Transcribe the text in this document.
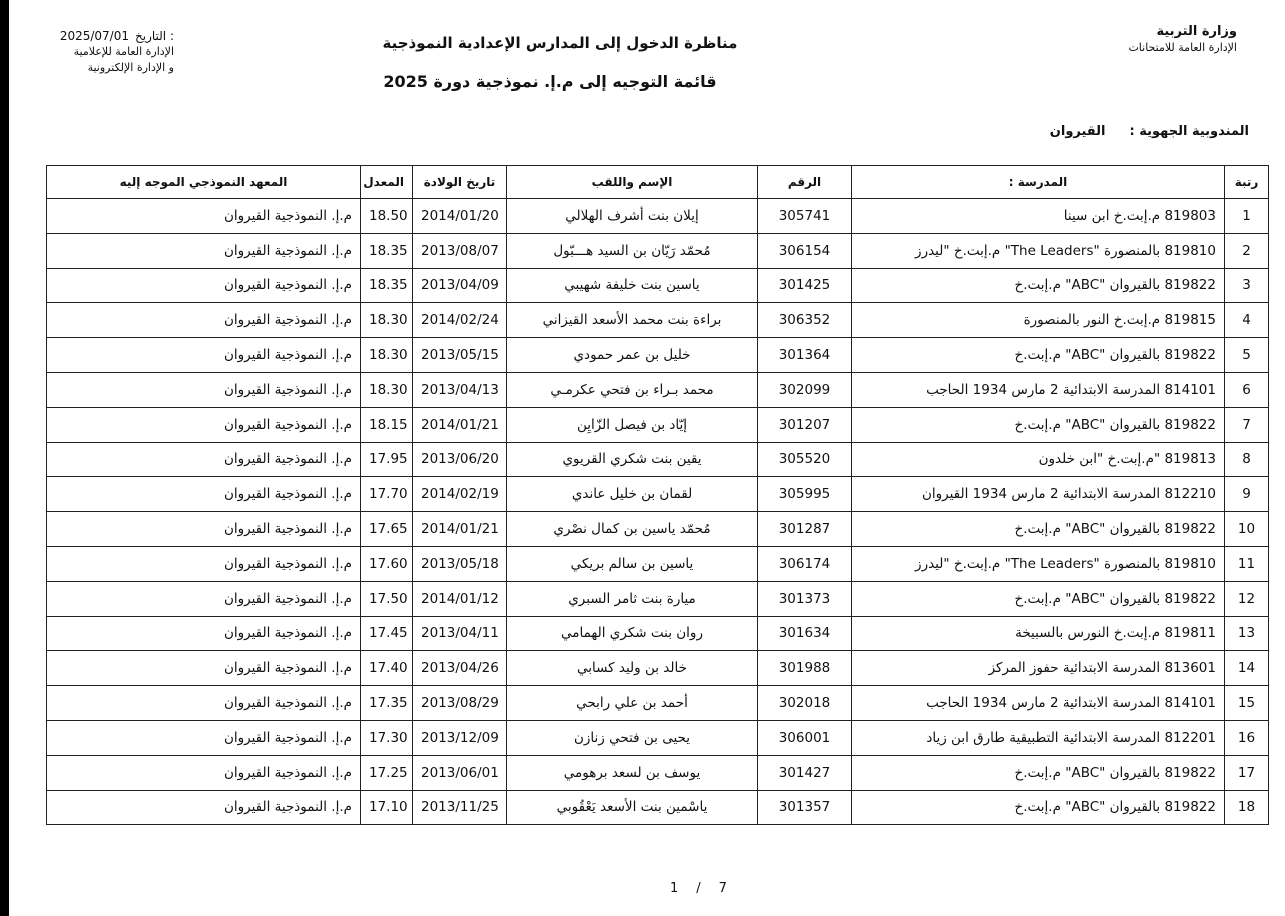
وزارة التربية
الإدارة العامة للامتحانات
2025/07/01 التاريخ :
الإدارة العامة للإعلامية
و الإدارة الإلكترونية
مناظرة الدخول إلى المدارس الإعدادية النموذجية
قائمة التوجيه إلى م.إ. نموذجية دورة 2025
المندوبية الجهوية :
القيروان
رتبة	المدرسة :	الرقم	الإسم واللقب	تاريخ الولادة	المعدل	المعهد النموذجي الموجه إليه
1	819803 م.إبت.خ ابن سينا	305741	إيلان بنت أشرف الهلالي	2014/01/20	18.50	م.إ. النموذجية القيروان
2	819810 بالمنصورة "The Leaders" م.إبت.خ "ليدرز	306154	مُحمّد رَيّان بن السيد هـــبّول	2013/08/07	18.35	م.إ. النموذجية القيروان
3	819822 بالقيروان "ABC" م.إبت.خ	301425	ياسين بنت خليفة شهيبي	2013/04/09	18.35	م.إ. النموذجية القيروان
4	819815 م.إبت.خ النور بالمنصورة	306352	براءة بنت محمد الأسعد القيزاني	2014/02/24	18.30	م.إ. النموذجية القيروان
5	819822 بالقيروان "ABC" م.إبت.خ	301364	خليل بن عمر حمودي	2013/05/15	18.30	م.إ. النموذجية القيروان
6	814101 المدرسة الابتدائية 2 مارس 1934 الحاجب	302099	محمد بـراء بن فتحي عكرمـي	2013/04/13	18.30	م.إ. النموذجية القيروان
7	819822 بالقيروان "ABC" م.إبت.خ	301207	إيّاد بن فيصل الزّايِن	2014/01/21	18.15	م.إ. النموذجية القيروان
8	819813 "م.إبت.خ "ابن خلدون	305520	يقين بنت شكري القريوي	2013/06/20	17.95	م.إ. النموذجية القيروان
9	812210 المدرسة الابتدائية 2 مارس 1934 القيروان	305995	لقمان بن خليل عاندي	2014/02/19	17.70	م.إ. النموذجية القيروان
10	819822 بالقيروان "ABC" م.إبت.خ	301287	مُحمّد ياسين بن كمال نصْري	2014/01/21	17.65	م.إ. النموذجية القيروان
11	819810 بالمنصورة "The Leaders" م.إبت.خ "ليدرز	306174	ياسين بن سالم بريكي	2013/05/18	17.60	م.إ. النموذجية القيروان
12	819822 بالقيروان "ABC" م.إبت.خ	301373	ميارة بنت ثامر السبري	2014/01/12	17.50	م.إ. النموذجية القيروان
13	819811 م.إبت.خ النورس بالسبيخة	301634	روان بنت شكري الهمامي	2013/04/11	17.45	م.إ. النموذجية القيروان
14	813601 المدرسة الابتدائية حفوز المركز	301988	خالد بن وليد كسابي	2013/04/26	17.40	م.إ. النموذجية القيروان
15	814101 المدرسة الابتدائية 2 مارس 1934 الحاجب	302018	أحمد بن علي رابحي	2013/08/29	17.35	م.إ. النموذجية القيروان
16	812201 المدرسة الابتدائية التطبيقية طارق ابن زياد	306001	يحيى بن فتحي زنازن	2013/12/09	17.30	م.إ. النموذجية القيروان
17	819822 بالقيروان "ABC" م.إبت.خ	301427	يوسف بن لسعد برهومي	2013/06/01	17.25	م.إ. النموذجية القيروان
18	819822 بالقيروان "ABC" م.إبت.خ	301357	ياسْمين بنت الأسعد يَعْقُوبي	2013/11/25	17.10	م.إ. النموذجية القيروان
1 / 7
